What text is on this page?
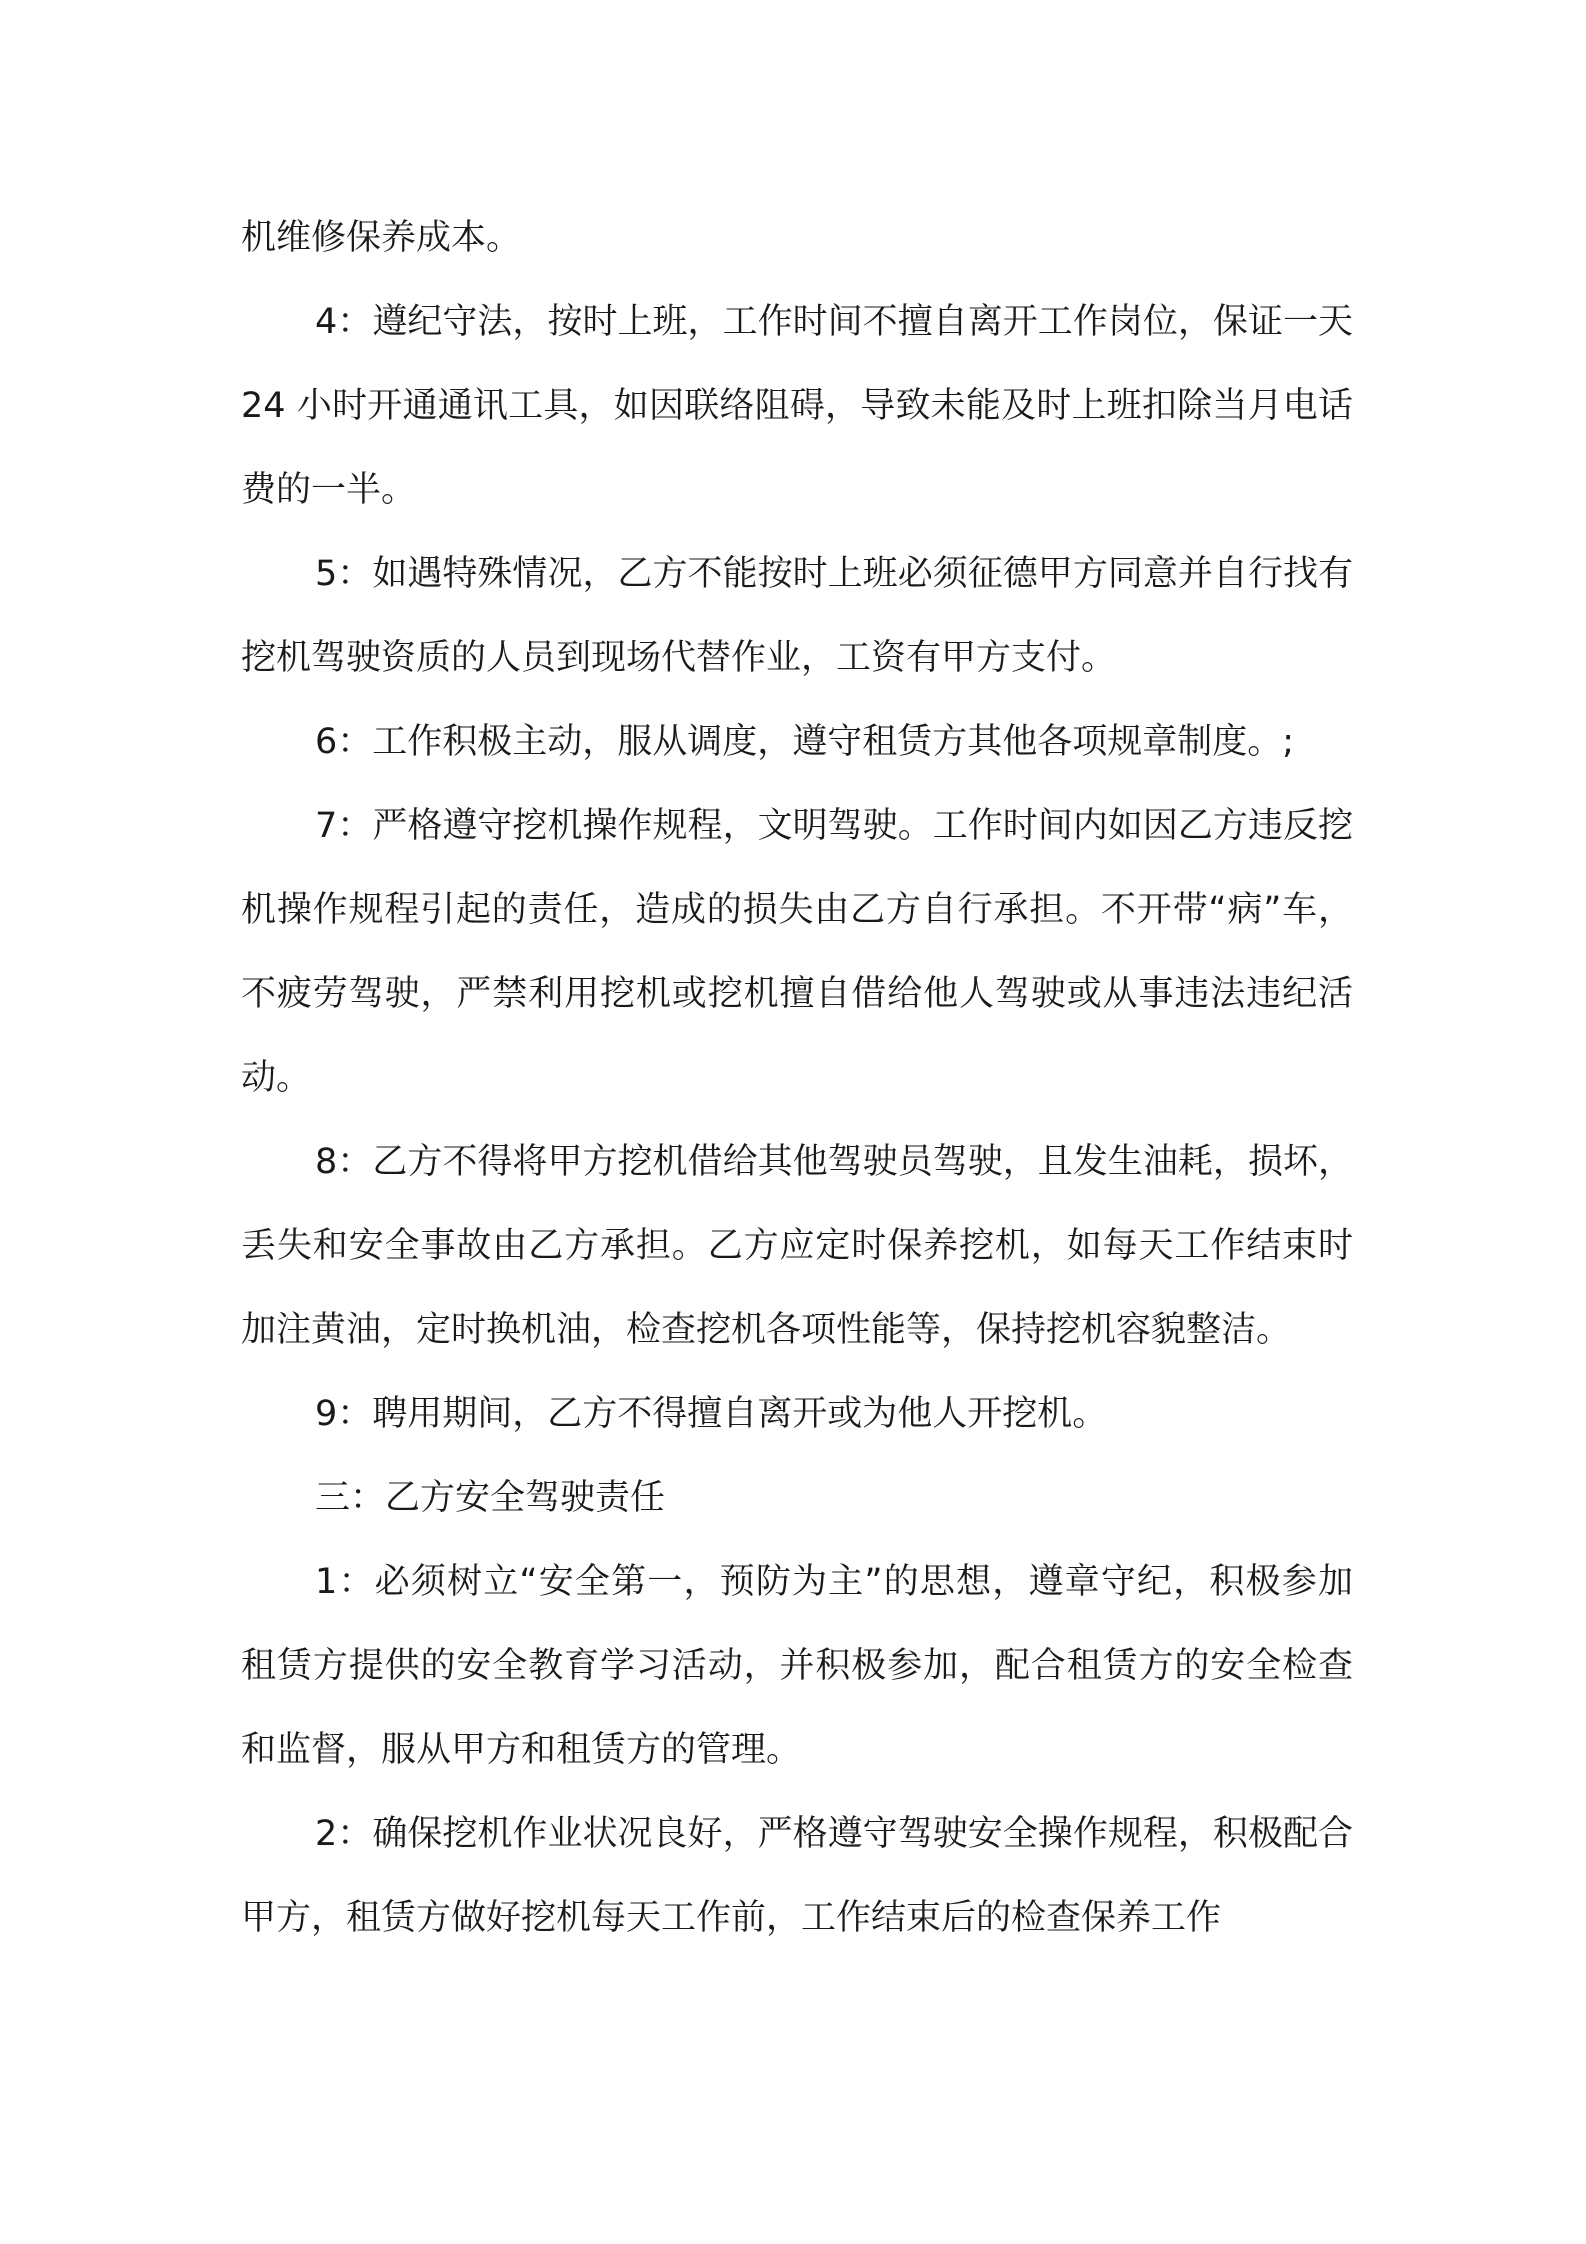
机维修保养成本。

4：遵纪守法，按时上班，工作时间不擅自离开工作岗位，保证一天 24 小时开通通讯工具，如因联络阻碍，导致未能及时上班扣除当月电话费的一半。

5：如遇特殊情况，乙方不能按时上班必须征德甲方同意并自行找有挖机驾驶资质的人员到现场代替作业，工资有甲方支付。

6：工作积极主动，服从调度，遵守租赁方其他各项规章制度。;

7：严格遵守挖机操作规程，文明驾驶。工作时间内如因乙方违反挖机操作规程引起的责任，造成的损失由乙方自行承担。不开带“病”车，不疲劳驾驶，严禁利用挖机或挖机擅自借给他人驾驶或从事违法违纪活动。

8：乙方不得将甲方挖机借给其他驾驶员驾驶，且发生油耗，损坏，丢失和安全事故由乙方承担。乙方应定时保养挖机，如每天工作结束时加注黄油，定时换机油，检查挖机各项性能等，保持挖机容貌整洁。

9：聘用期间，乙方不得擅自离开或为他人开挖机。

三：乙方安全驾驶责任

1：必须树立“安全第一，预防为主”的思想，遵章守纪，积极参加租赁方提供的安全教育学习活动，并积极参加，配合租赁方的安全检查和监督，服从甲方和租赁方的管理。

2：确保挖机作业状况良好，严格遵守驾驶安全操作规程，积极配合甲方，租赁方做好挖机每天工作前，工作结束后的检查保养工作
